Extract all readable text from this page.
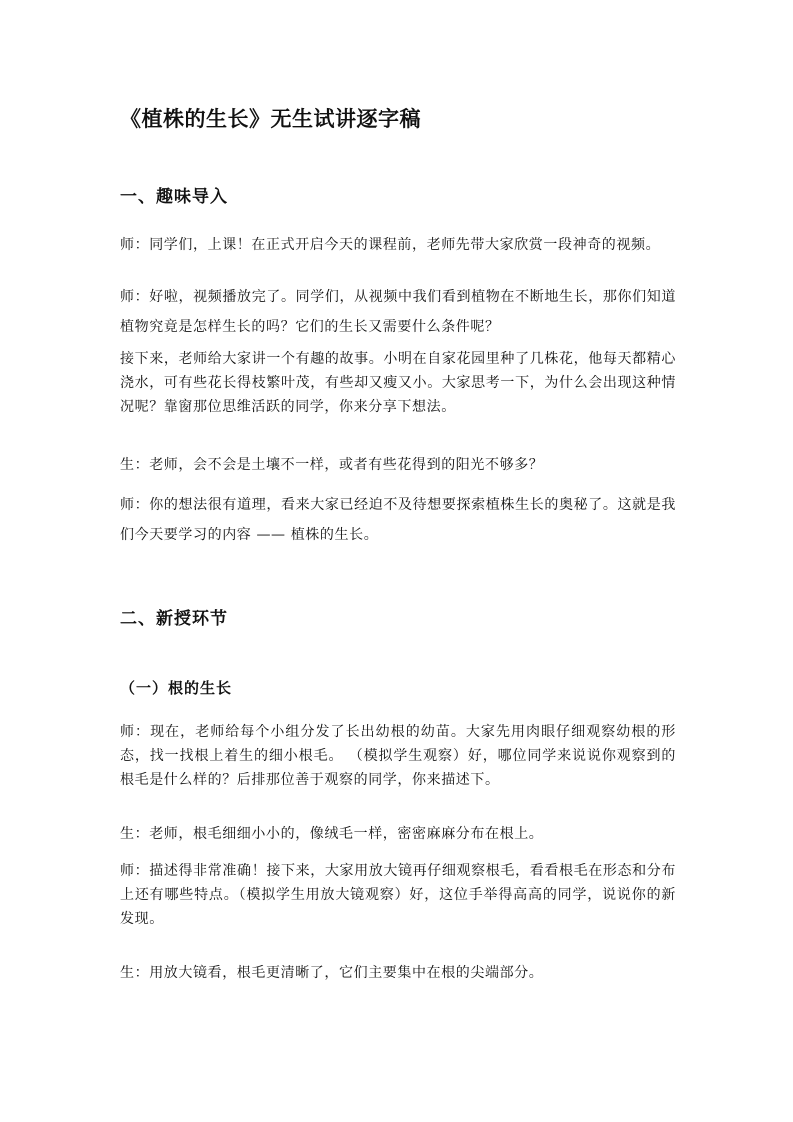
《植株的生长》无生试讲逐字稿
一、趣味导入

师：同学们，上课！在正式开启今天的课程前，老师先带大家欣赏一段神奇的视频。

师：好啦，视频播放完了。同学们，从视频中我们看到植物在不断地生长，那你们知道植物究竟是怎样生长的吗？它们的生长又需要什么条件呢？

接下来，老师给大家讲一个有趣的故事。小明在自家花园里种了几株花，他每天都精心浇水，可有些花长得枝繁叶茂，有些却又瘦又小。大家思考一下，为什么会出现这种情况呢？靠窗那位思维活跃的同学，你来分享下想法。

生：老师，会不会是土壤不一样，或者有些花得到的阳光不够多？

师：你的想法很有道理，看来大家已经迫不及待想要探索植株生长的奥秘了。这就是我们今天要学习的内容 —— 植株的生长。

二、新授环节
（一）根的生长

师：现在，老师给每个小组分发了长出幼根的幼苗。大家先用肉眼仔细观察幼根的形态，找一找根上着生的细小根毛。 （模拟学生观察）好，哪位同学来说说你观察到的根毛是什么样的？后排那位善于观察的同学，你来描述下。

生：老师，根毛细细小小的，像绒毛一样，密密麻麻分布在根上。

师：描述得非常准确！接下来，大家用放大镜再仔细观察根毛，看看根毛在形态和分布上还有哪些特点。（模拟学生用放大镜观察）好，这位手举得高高的同学，说说你的新发现。

生：用放大镜看，根毛更清晰了，它们主要集中在根的尖端部分。
